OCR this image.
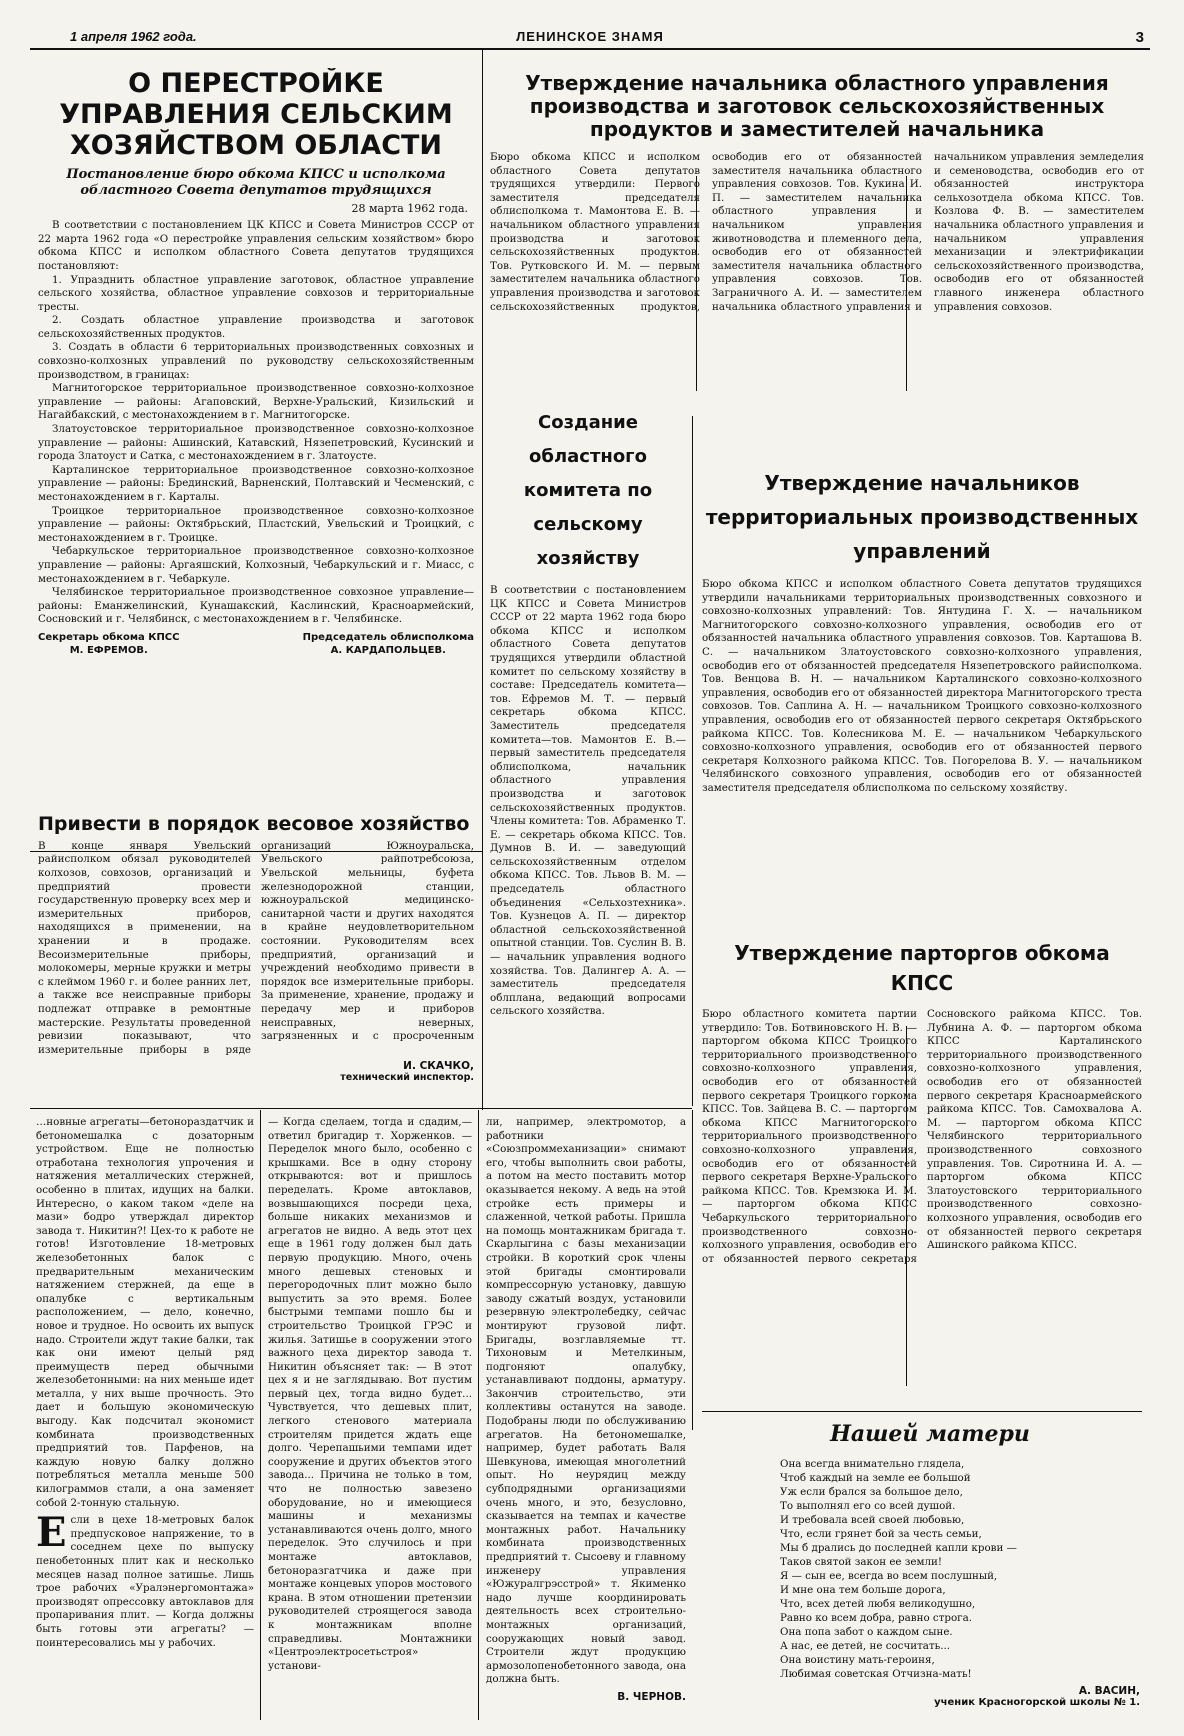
1 апреля 1962 года.	ЛЕНИНСКОЕ ЗНАМЯ	3
О ПЕРЕСТРОЙКЕ УПРАВЛЕНИЯ СЕЛЬСКИМ ХОЗЯЙСТВОМ ОБЛАСТИ
Постановление бюро обкома КПСС и исполкома областного Совета депутатов трудящихся
28 марта 1962 года.

В соответствии с постановлением ЦК КПСС и Совета Министров СССР от 22 марта 1962 года «О перестройке управления сельским хозяйством» бюро обкома КПСС и исполком областного Совета депутатов трудящихся постановляют:

1. Упразднить областное управление заготовок, областное управление сельского хозяйства, областное управление совхозов и территориальные тресты.

2. Создать областное управление производства и заготовок сельскохозяйственных продуктов.

3. Создать в области 6 территориальных производственных совхозных и совхозно-колхозных управлений по руководству сельскохозяйственным производством, в границах:

Магнитогорское территориальное производственное совхозно-колхозное управление — районы: Агаповский, Верхне-Уральский, Кизильский и Нагайбакский, с местонахождением в г. Магнитогорске.

Златоустовское территориальное производственное совхозно-колхозное управление — районы: Ашинский, Катавский, Нязепетровский, Кусинский и города Златоуст и Сатка, с местонахождением в г. Златоусте.

Карталинское территориальное производственное совхозно-колхозное управление — районы: Брединский, Варненский, Полтавский и Чесменский, с местонахождением в г. Карталы.

Троицкое территориальное производственное совхозно-колхозное управление — районы: Октябрьский, Пластский, Увельский и Троицкий, с местонахождением в г. Троицке.

Чебаркульское территориальное производственное совхозно-колхозное управление — районы: Аргаяшский, Колхозный, Чебаркульский и г. Миасс, с местонахождением в г. Чебаркуле.

Челябинское территориальное производственное совхозное управление—районы: Еманжелинский, Кунашакский, Каслинский, Красноармейский, Сосновский и г. Челябинск, с местонахождением в г. Челябинске.

Секретарь обкома КПСС
М. ЕФРЕМОВ.
Председатель облисполкома
А. КАРДАПОЛЬЦЕВ.
Привести в порядок весовое хозяйство
В конце января Увельский райисполком обязал руководителей колхозов, совхозов, организаций и предприятий провести государственную проверку всех мер и измерительных приборов, находящихся в применении, на хранении и в продаже. Весоизмерительные приборы, молокомеры, мерные кружки и метры с клеймом 1960 г. и более ранних лет, а также все неисправные приборы подлежат отправке в ремонтные мастерские. Результаты проведенной ревизии показывают, что измерительные приборы в ряде организаций Южноуральска, Увельского райпотребсоюза, Увельской мельницы, буфета железнодорожной станции, южноуральской медицинско-санитарной части и других находятся в крайне неудовлетворительном состоянии. Руководителям всех предприятий, организаций и учреждений необходимо привести в порядок все измерительные приборы. За применение, хранение, продажу и передачу мер и приборов неисправных, неверных, загрязненных и с просроченным
И. СКАЧКО,
технический инспектор.
Утверждение начальника областного управления производства и заготовок сельскохозяйственных продуктов и заместителей начальника
Бюро обкома КПСС и исполком областного Совета депутатов трудящихся утвердили: Первого заместителя председателя облисполкома т. Мамонтова Е. В. — начальником областного управления производства и заготовок сельскохозяйственных продуктов. Тов. Рутковского И. М. — первым заместителем начальника областного управления производства и заготовок сельскохозяйственных продуктов, освободив его от обязанностей заместителя начальника областного управления совхозов. Тов. Кукина И. П. — заместителем начальника областного управления и начальником управления животноводства и племенного дела, освободив его от обязанностей заместителя начальника областного управления совхозов. Тов. Заграничного А. И. — заместителем начальника областного управления и начальником управления земледелия и семеноводства, освободив его от обязанностей инструктора сельхозотдела обкома КПСС. Тов. Козлова Ф. В. — заместителем начальника областного управления и начальником управления механизации и электрификации сельскохозяйственного производства, освободив его от обязанностей главного инженера областного управления совхозов.
Создание областного комитета по сельскому хозяйству
В соответствии с постановлением ЦК КПСС и Совета Министров СССР от 22 марта 1962 года бюро обкома КПСС и исполком областного Совета депутатов трудящихся утвердили областной комитет по сельскому хозяйству в составе: Председатель комитета—тов. Ефремов М. Т. — первый секретарь обкома КПСС. Заместитель председателя комитета—тов. Мамонтов Е. В.—первый заместитель председателя облисполкома, начальник областного управления производства и заготовок сельскохозяйственных продуктов. Члены комитета: Тов. Абраменко Т. Е. — секретарь обкома КПСС. Тов. Думнов В. И. — заведующий сельскохозяйственным отделом обкома КПСС. Тов. Львов В. М. — председатель областного объединения «Сельхозтехника». Тов. Кузнецов А. П. — директор областной сельскохозяйственной опытной станции. Тов. Суслин В. В. — начальник управления водного хозяйства. Тов. Далингер А. А. — заместитель председателя облплана, ведающий вопросами сельского хозяйства.
Утверждение начальников территориальных производственных управлений
Бюро обкома КПСС и исполком областного Совета депутатов трудящихся утвердили начальниками территориальных производственных совхозного и совхозно-колхозных управлений: Тов. Янтудина Г. Х. — начальником Магнитогорского совхозно-колхозного управления, освободив его от обязанностей начальника областного управления совхозов. Тов. Карташова В. С. — начальником Златоустовского совхозно-колхозного управления, освободив его от обязанностей председателя Нязепетровского райисполкома. Тов. Венцова В. Н. — начальником Карталинского совхозно-колхозного управления, освободив его от обязанностей директора Магнитогорского треста совхозов. Тов. Саплина А. Н. — начальником Троицкого совхозно-колхозного управления, освободив его от обязанностей первого секретаря Октябрьского райкома КПСС. Тов. Колесникова М. Е. — начальником Чебаркульского совхозно-колхозного управления, освободив его от обязанностей первого секретаря Колхозного райкома КПСС. Тов. Погорелова В. У. — начальником Челябинского совхозного управления, освободив его от обязанностей заместителя председателя облисполкома по сельскому хозяйству.
Утверждение парторгов обкома КПСС
Бюро областного комитета партии утвердило: Тов. Ботвиновского Н. В. — парторгом обкома КПСС Троицкого территориального производственного совхозно-колхозного управления, освободив его от обязанностей первого секретаря Троицкого горкома КПСС. Тов. Зайцева В. С. — парторгом обкома КПСС Магнитогорского территориального производственного совхозно-колхозного управления, освободив его от обязанностей первого секретаря Верхне-Уральского райкома КПСС. Тов. Кремзюка И. М. — парторгом обкома КПСС Чебаркульского территориального производственного совхозно-колхозного управления, освободив его от обязанностей первого секретаря Сосновского райкома КПСС. Тов. Лубнина А. Ф. — парторгом обкома КПСС Карталинского территориального производственного совхозно-колхозного управления, освободив его от обязанностей первого секретаря Красноармейского райкома КПСС. Тов. Самохвалова А. М. — парторгом обкома КПСС Челябинского территориального производственного совхозного управления. Тов. Сиротнина И. А. — парторгом обкома КПСС Златоустовского территориального производственного совхозно-колхозного управления, освободив его от обязанностей первого секретаря Ашинского райкома КПСС.
…новные агрегаты—бетонораздатчик и бетономешалка с дозаторным устройством. Еще не полностью отработана технология упрочения и натяжения металлических стержней, особенно в плитах, идущих на балки. Интересно, о каком таком «деле на мази» бодро утверждал директор завода т. Никитин?! Цех-то к работе не готов! Изготовление 18-метровых железобетонных балок с предварительным механическим натяжением стержней, да еще в опалубке с вертикальным расположением, — дело, конечно, новое и трудное. Но освоить их выпуск надо. Строители ждут такие балки, так как они имеют целый ряд преимуществ перед обычными железобетонными: на них меньше идет металла, у них выше прочность. Это дает и большую экономическую выгоду. Как подсчитал экономист комбината производственных предприятий тов. Парфенов, на каждую новую балку должно потребляться металла меньше 500 килограммов стали, а она заменяет собой 2-тонную стальную.
Если в цехе 18-метровых балок предпусковое напряжение, то в соседнем цехе по выпуску пенобетонных плит как и несколько месяцев назад полное затишье. Лишь трое рабочих «Уралэнергомонтажа» производят опрессовку автоклавов для пропаривания плит. — Когда должны быть готовы эти агрегаты? — поинтересовались мы у рабочих.
— Когда сделаем, тогда и сдадим,—ответил бригадир т. Хорженков. — Переделок много было, особенно с крышками. Все в одну сторону открываются: вот и пришлось переделать. Кроме автоклавов, возвышающихся посреди цеха, больше никаких механизмов и агрегатов не видно. А ведь этот цех еще в 1961 году должен был дать первую продукцию. Много, очень много дешевых стеновых и перегородочных плит можно было выпустить за это время. Более быстрыми темпами пошло бы и строительство Троицкой ГРЭС и жилья. Затишье в сооружении этого важного цеха директор завода т. Никитин объясняет так: — В этот цех я и не заглядываю. Вот пустим первый цех, тогда видно будет... Чувствуется, что дешевых плит, легкого стенового материала строителям придется ждать еще долго. Черепашьими темпами идет сооружение и других объектов этого завода... Причина не только в том, что не полностью завезено оборудование, но и имеющиеся машины и механизмы устанавливаются очень долго, много переделок. Это случилось и при монтаже автоклавов, бетоноразгатчика и даже при монтаже концевых упоров мостового крана. В этом отношении претензии руководителей строящегося завода к монтажникам вполне справедливы. Монтажники «Центроэлектросетьстроя» установи-
ли, например, электромотор, а работники «Союзпроммеханизации» снимают его, чтобы выполнить свои работы, а потом на место поставить мотор оказывается некому. А ведь на этой стройке есть примеры и слаженной, четкой работы. Пришла на помощь монтажникам бригада т. Скарлыгина с базы механизации стройки. В короткий срок члены этой бригады смонтировали компрессорную установку, давшую заводу сжатый воздух, установили резервную электролебедку, сейчас монтируют грузовой лифт. Бригады, возглавляемые тт. Тихоновым и Метелкиным, подгоняют опалубку, устанавливают поддоны, арматуру. Закончив строительство, эти коллективы останутся на заводе. Подобраны люди по обслуживанию агрегатов. На бетономешалке, например, будет работать Валя Шевкунова, имеющая многолетний опыт. Но неурядиц между субподрядными организациями очень много, и это, безусловно, сказывается на темпах и качестве монтажных работ. Начальнику комбината производственных предприятий т. Сысоеву и главному инженеру управления «Южуралгрэсстрой» т. Якименко надо лучше координировать деятельность всех строительно-монтажных организаций, сооружающих новый завод. Строители ждут продукцию армозолопенобетонного завода, она должна быть.
В. ЧЕРНОВ.
Нашей матери
Она всегда внимательно глядела,
Чтоб каждый на земле ее большой
Уж если брался за большое дело,
То выполнял его со всей душой.
И требовала всей своей любовью,
Что, если грянет бой за честь семьи,
Мы б дрались до последней капли крови —
Таков святой закон ее земли!
Я — сын ее, всегда во всем послушный,
И мне она тем больше дорога,
Что, всех детей любя великодушно,
Равно ко всем добра, равно строга.
Она попа забот о каждом сыне.
А нас, ее детей, не сосчитать...
Она воистину мать-героиня,
Любимая советская Отчизна-мать!
А. ВАСИН,
ученик Красногорской школы № 1.
